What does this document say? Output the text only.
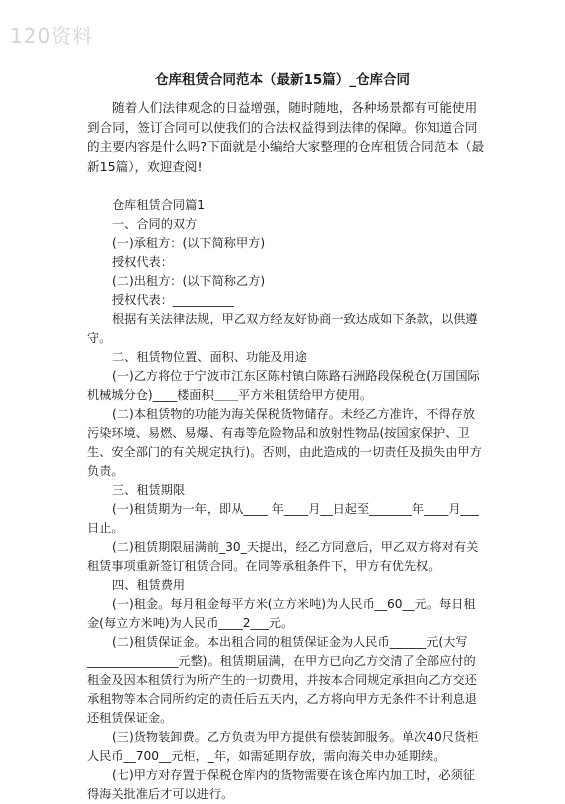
120资料
仓库租赁合同范本（最新15篇）_仓库合同

随着人们法律观念的日益增强，随时随地，各种场景都有可能使用到合同，签订合同可以使我们的合法权益得到法律的保障。你知道合同的主要内容是什么吗?下面就是小编给大家整理的仓库租赁合同范本（最新15篇），欢迎查阅!

仓库租赁合同篇1

一、合同的双方

(一)承租方：(以下简称甲方)

授权代表：

(二)出租方：(以下简称乙方)

授权代表：__________

根据有关法律法规，甲乙双方经友好协商一致达成如下条款，以供遵守。

二、租赁物位置、面积、功能及用途

(一)乙方将位于宁波市江东区陈村镇白陈路石洲路段保税仓(万国国际机械城分仓)____楼面积＿＿平方米租赁给甲方使用。

(二)本租赁物的功能为海关保税货物储存。未经乙方准许，不得存放污染环境、易燃、易爆、有毒等危险物品和放射性物品(按国家保护、卫生、安全部门的有关规定执行)。否则，由此造成的一切责任及损失由甲方负责。

三、租赁期限

(一)租赁期为一年，即从____ 年____月__日起至_______年____月___日止。

(二)租赁期限届满前_30_天提出，经乙方同意后，甲乙双方将对有关租赁事项重新签订租赁合同。在同等承租条件下，甲方有优先权。

四、租赁费用

(一)租金。每月租金每平方米(立方米吨)为人民币__60__元。每日租金(每立方米吨)为人民币____2___元。

(二)租赁保证金。本出租合同的租赁保证金为人民币______元(大写_______________元整)。租赁期届满，在甲方已向乙方交清了全部应付的租金及因本租赁行为所产生的一切费用，并按本合同规定承担向乙方交还承租物等本合同所约定的责任后五天内，乙方将向甲方无条件不计利息退还租赁保证金。

(三)货物装卸费。乙方负责为甲方提供有偿装卸服务。单次40尺货柜人民币__700__元柜，_年，如需延期存放，需向海关申办延期续。

(七)甲方对存置于保税仓库内的货物需要在该仓库内加工时，必须征得海关批准后才可以进行。
